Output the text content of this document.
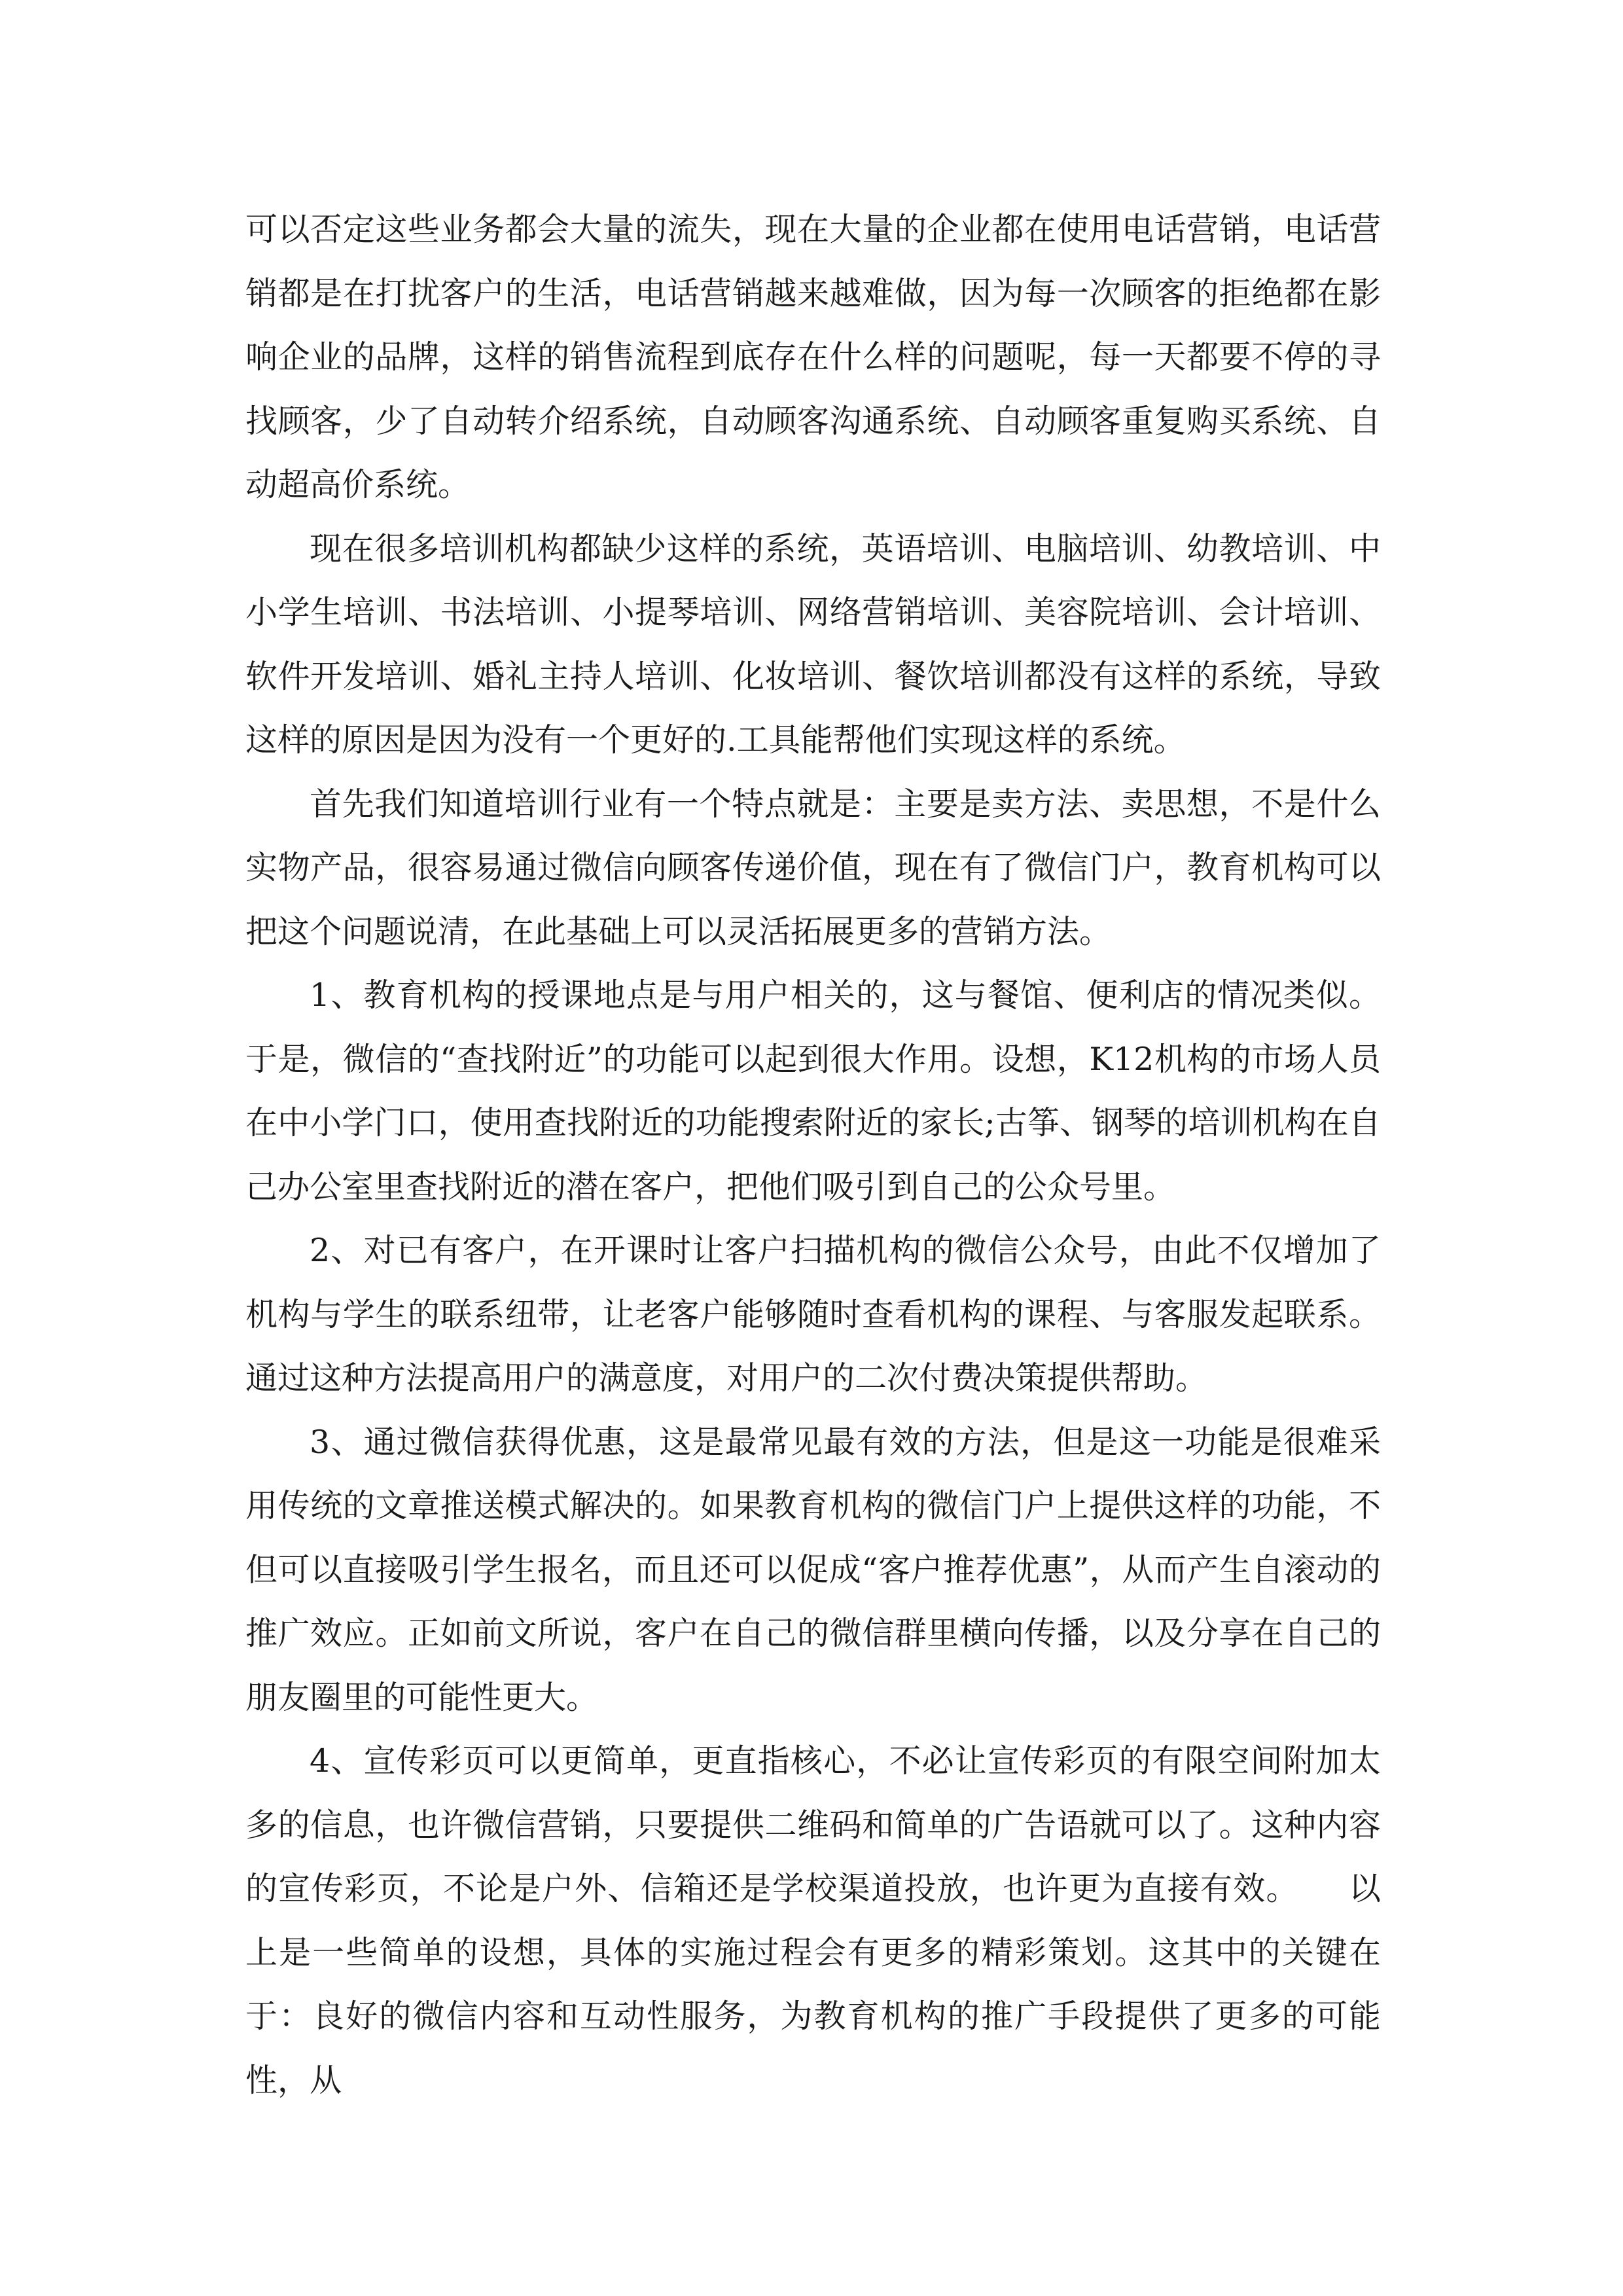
可以否定这些业务都会大量的流失，现在大量的企业都在使用电话营销，电话营销都是在打扰客户的生活，电话营销越来越难做，因为每一次顾客的拒绝都在影响企业的品牌，这样的销售流程到底存在什么样的问题呢，每一天都要不停的寻找顾客，少了自动转介绍系统，自动顾客沟通系统、自动顾客重复购买系统、自动超高价系统。

现在很多培训机构都缺少这样的系统，英语培训、电脑培训、幼教培训、中小学生培训、书法培训、小提琴培训、网络营销培训、美容院培训、会计培训、软件开发培训、婚礼主持人培训、化妆培训、餐饮培训都没有这样的系统，导致这样的原因是因为没有一个更好的.工具能帮他们实现这样的系统。

首先我们知道培训行业有一个特点就是：主要是卖方法、卖思想，不是什么实物产品，很容易通过微信向顾客传递价值，现在有了微信门户，教育机构可以把这个问题说清，在此基础上可以灵活拓展更多的营销方法。

1、教育机构的授课地点是与用户相关的，这与餐馆、便利店的情况类似。于是，微信的“查找附近”的功能可以起到很大作用。设想，K12机构的市场人员在中小学门口，使用查找附近的功能搜索附近的家长;古筝、钢琴的培训机构在自己办公室里查找附近的潜在客户，把他们吸引到自己的公众号里。

2、对已有客户，在开课时让客户扫描机构的微信公众号，由此不仅增加了机构与学生的联系纽带，让老客户能够随时查看机构的课程、与客服发起联系。通过这种方法提高用户的满意度，对用户的二次付费决策提供帮助。

3、通过微信获得优惠，这是最常见最有效的方法，但是这一功能是很难采用传统的文章推送模式解决的。如果教育机构的微信门户上提供这样的功能，不但可以直接吸引学生报名，而且还可以促成“客户推荐优惠”，从而产生自滚动的推广效应。正如前文所说，客户在自己的微信群里横向传播，以及分享在自己的朋友圈里的可能性更大。

4、宣传彩页可以更简单，更直指核心，不必让宣传彩页的有限空间附加太多的信息，也许微信营销，只要提供二维码和简单的广告语就可以了。这种内容的宣传彩页，不论是户外、信箱还是学校渠道投放，也许更为直接有效。　　以上是一些简单的设想，具体的实施过程会有更多的精彩策划。这其中的关键在于：良好的微信内容和互动性服务，为教育机构的推广手段提供了更多的可能性，从
